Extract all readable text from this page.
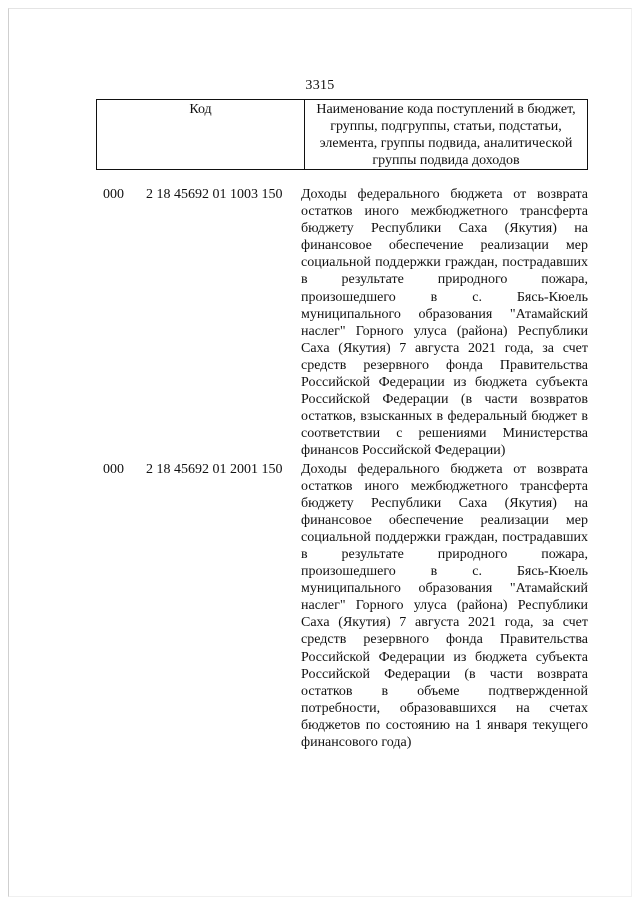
3315
Код	Наименование кода поступлений в бюджет, группы, подгруппы, статьи, подстатьи, элемента, группы подвида, аналитической группы подвида доходов
000 2 18 45692 01 1003 150 Доходы федерального бюджета от возврата остатков иного межбюджетного трансферта бюджету Республики Саха (Якутия) на финансовое обеспечение реализации мер социальной поддержки граждан, пострадавших в результате природного пожара, произошедшего в с. Бясь-Кюель муниципального образования "Атамайский наслег" Горного улуса (района) Республики Саха (Якутия) 7 августа 2021 года, за счет средств резервного фонда Правительства Российской Федерации из бюджета субъекта Российской Федерации (в части возвратов остатков, взысканных в федеральный бюджет в соответствии с решениями Министерства финансов Российской Федерации)
000 2 18 45692 01 2001 150 Доходы федерального бюджета от возврата остатков иного межбюджетного трансферта бюджету Республики Саха (Якутия) на финансовое обеспечение реализации мер социальной поддержки граждан, пострадавших в результате природного пожара, произошедшего в с. Бясь-Кюель муниципального образования "Атамайский наслег" Горного улуса (района) Республики Саха (Якутия) 7 августа 2021 года, за счет средств резервного фонда Правительства Российской Федерации из бюджета субъекта Российской Федерации (в части возврата остатков в объеме подтвержденной потребности, образовавшихся на счетах бюджетов по состоянию на 1 января текущего финансового года)
